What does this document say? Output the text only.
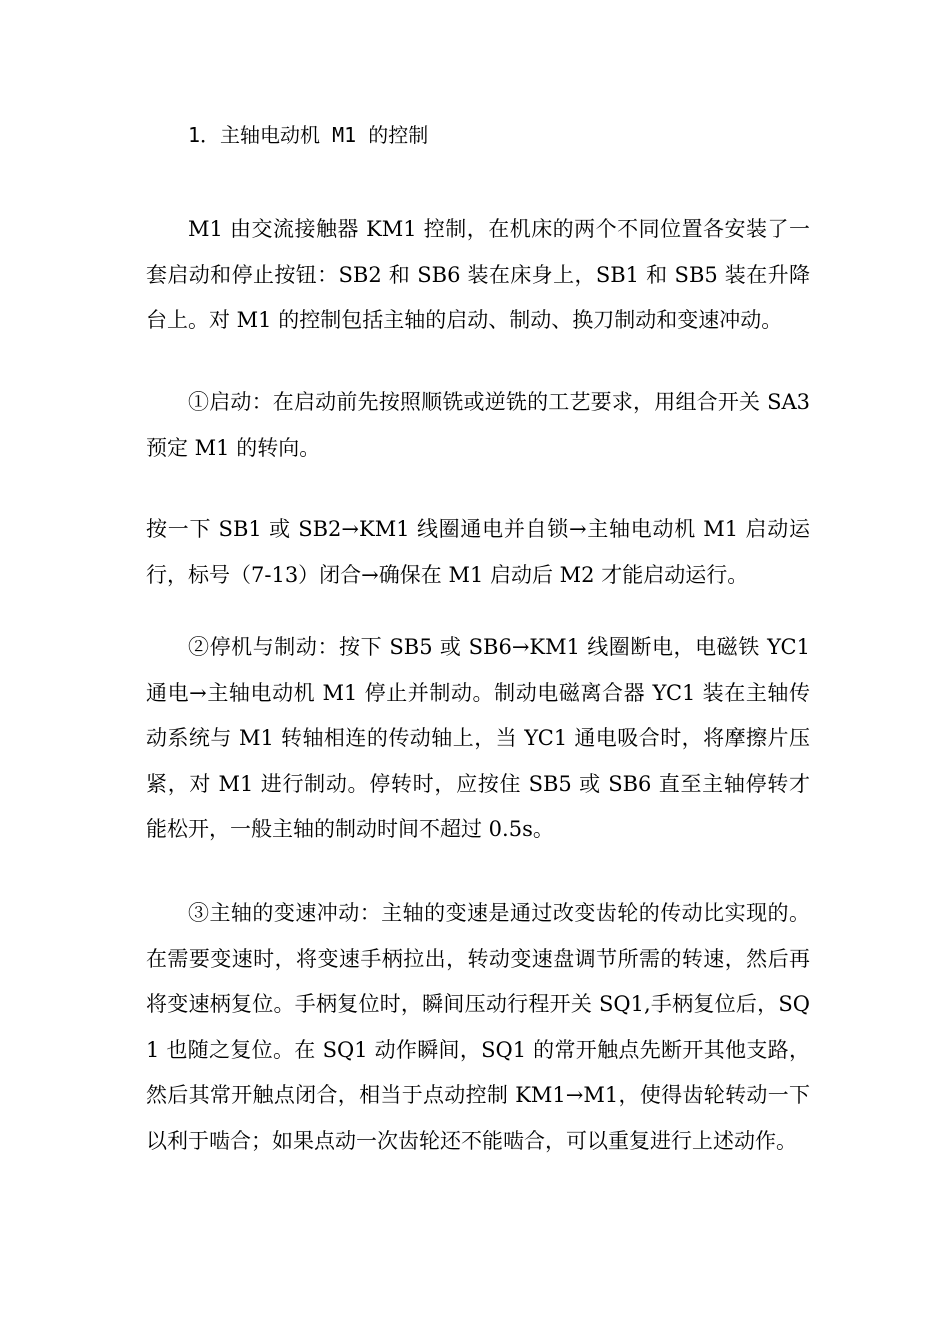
1．主轴电动机 M1 的控制

M1 由交流接触器 KM1 控制，在机床的两个不同位置各安装了一套启动和停止按钮：SB2 和 SB6 装在床身上，SB1 和 SB5 装在升降台上。对 M1 的控制包括主轴的启动、制动、换刀制动和变速冲动。

①启动：在启动前先按照顺铣或逆铣的工艺要求，用组合开关 SA3 预定 M1 的转向。

按一下 SB1 或 SB2→KM1 线圈通电并自锁→主轴电动机 M1 启动运行，标号（7-13）闭合→确保在 M1 启动后 M2 才能启动运行。

②停机与制动：按下 SB5 或 SB6→KM1 线圈断电，电磁铁 YC1 通电→主轴电动机 M1 停止并制动。制动电磁离合器 YC1 装在主轴传动系统与 M1 转轴相连的传动轴上，当 YC1 通电吸合时，将摩擦片压紧，对 M1 进行制动。停转时，应按住 SB5 或 SB6 直至主轴停转才能松开，一般主轴的制动时间不超过 0.5s。

③主轴的变速冲动：主轴的变速是通过改变齿轮的传动比实现的。在需要变速时，将变速手柄拉出，转动变速盘调节所需的转速，然后再将变速柄复位。手柄复位时，瞬间压动行程开关 SQ1,手柄复位后，SQ1 也随之复位。在 SQ1 动作瞬间，SQ1 的常开触点先断开其他支路，然后其常开触点闭合，相当于点动控制 KM1→M1，使得齿轮转动一下以利于啮合；如果点动一次齿轮还不能啮合，可以重复进行上述动作。
